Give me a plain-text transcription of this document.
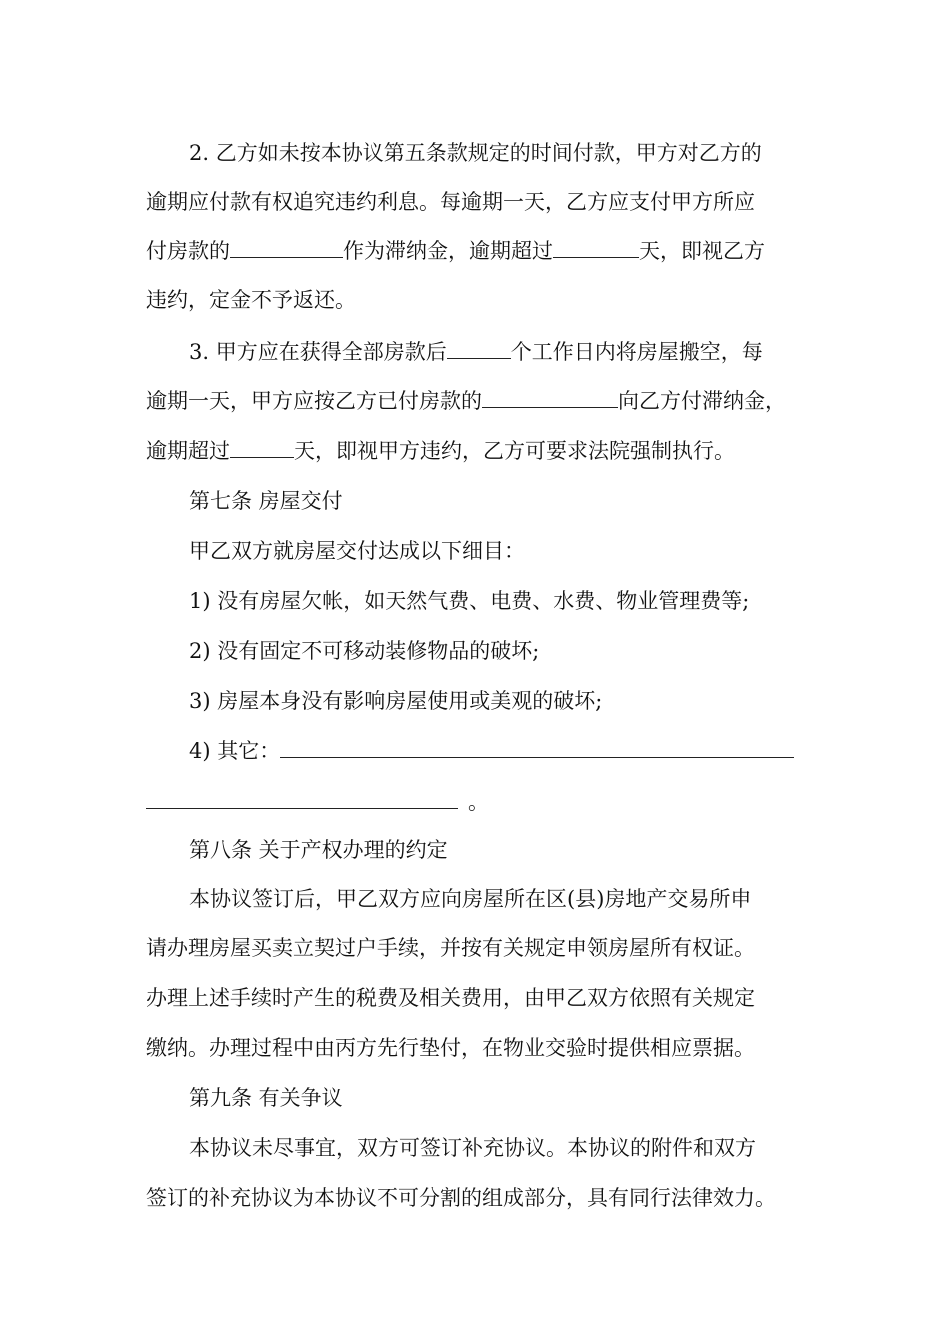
2. 乙方如未按本协议第五条款规定的时间付款，甲方对乙方的
逾期应付款有权追究违约利息。每逾期一天，乙方应支付甲方所应
付房款的	作为滞纳金，逾期超过	天，即视乙方
违约，定金不予返还。
3. 甲方应在获得全部房款后	个工作日内将房屋搬空，每
逾期一天，甲方应按乙方已付房款的	向乙方付滞纳金，
逾期超过	天，即视甲方违约，乙方可要求法院强制执行。
第七条 房屋交付
甲乙双方就房屋交付达成以下细目：
1) 没有房屋欠帐，如天然气费、电费、水费、物业管理费等;
2) 没有固定不可移动装修物品的破坏;
3) 房屋本身没有影响房屋使用或美观的破坏;
4) 其它：
。
第八条 关于产权办理的约定
本协议签订后，甲乙双方应向房屋所在区(县)房地产交易所申
请办理房屋买卖立契过户手续，并按有关规定申领房屋所有权证。
办理上述手续时产生的税费及相关费用，由甲乙双方依照有关规定
缴纳。办理过程中由丙方先行垫付，在物业交验时提供相应票据。
第九条 有关争议
本协议未尽事宜，双方可签订补充协议。本协议的附件和双方
签订的补充协议为本协议不可分割的组成部分，具有同行法律效力。
